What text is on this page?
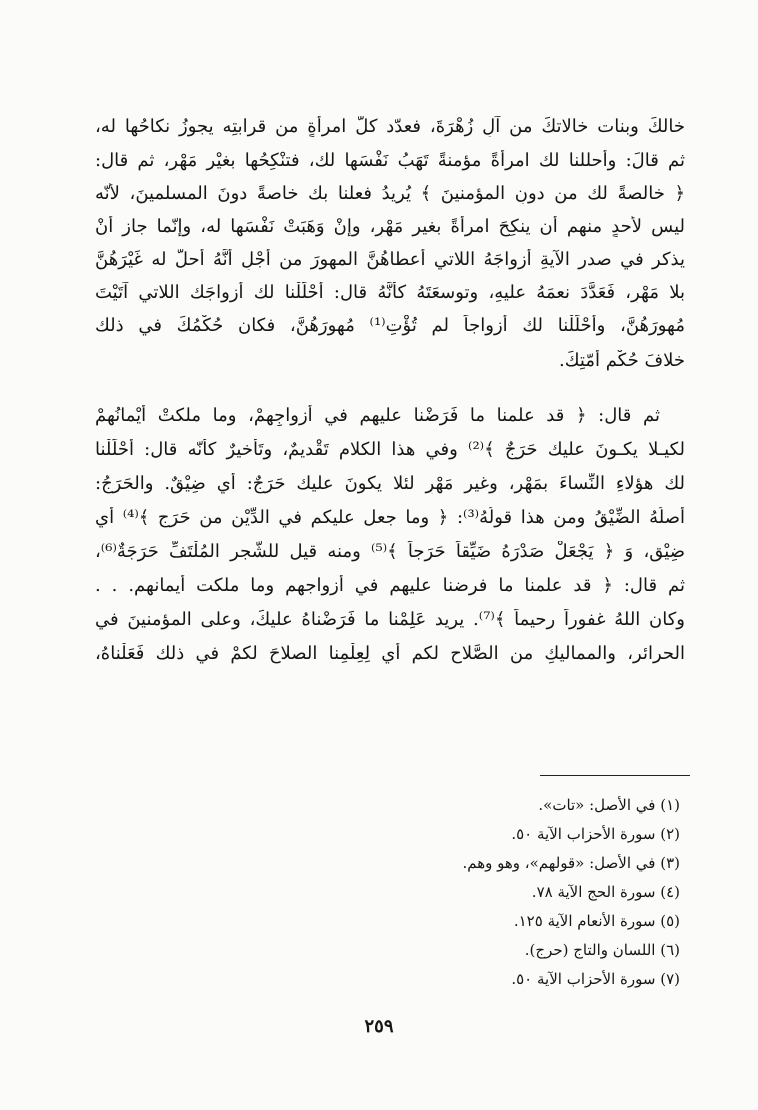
خالكَ وبنات خالاتكَ من آلِ زُهْرَةَ، فعدّد كلَّ امرأةٍ من قرابتِه يجوزُ نكاحُها له،
ثم قالَ: وأحللنا لك امرأةً مؤمنةً تَهَبُ نَفْسَها لك، فتنْكِحُها بغيْرِ مَهْرٍ، ثم قال:
﴿ خالصةً لك من دونِ المؤمنينَ ﴾ يُريدُ فعلنا بك خاصةً دونَ المسلمينَ، لأنّه
ليس لأحدٍ منهم أن ينكِحَ امرأةً بغيرِ مَهْرٍ، وإنْ وَهَبَتْ نَفْسَها له، وإنّما جاز أنْ
يذكر في صدرِ الآيةِ أزواجَهُ اللاتي أعطاهُنَّ المهورَ من أجْلِ أَنَّهُ أحلَّ له غَيْرَهُنَّ
بلا مَهْرٍ، فَعَدَّدَ نعمَهُ عليهِ، وتوسعَتَهُ كأنَّهُ قال: أَحْلَلْنا لك أزواجَك اللاتي آتَيْتَ
مُهورَهُنَّ، وأَحْلَلْنا لك أزواجاً لم تُؤْتِ⁽¹⁾ مُهورَهُنَّ، فكان حُكْمُكَ في ذلك
خلافَ حُكْمِ أُمّتِكَ.
ثم قال: ﴿ قد علمنا ما فَرَضْنا عليهم في أزواجِهِمْ، وما ملكتْ أَيْمانُهمْ
لكيـلا يكـونَ عليك حَرَجٌ ﴾⁽²⁾ وفي هذا الكلامِ تَقْديمٌ، وتَأْخيرٌ كأنّه قال: أَحْلَلْنا
لك هؤلاءِ النِّساءَ بمَهْرٍ، وغيرِ مَهْرٍ لئلا يكونَ عليك حَرَجٌ: أي ضِيْقٌ. والحَرَجُ:
أصلُهُ الضِّيْقُ ومن هذا قولُهُ⁽³⁾: ﴿ وما جعل عليكم في الدِّيْنِ من حَرَجٍ ﴾⁽⁴⁾ أي
ضِيْقٍ، وَ ﴿ يَجْعَلْ صَدْرَهُ ضَيِّقاً حَرَجاً ﴾⁽⁵⁾ ومنه قيل للشَّجرِ المُلْتَفِّ حَرَجَةٌ⁽⁶⁾،
ثم قال: ﴿ قد علمنا ما فرضنا عليهم في أزواجهم وما ملكت أيمانهم. . .
وكان اللهُ غفوراً رحيماً ﴾⁽⁷⁾. يريد عَلِمْنا ما فَرَضْناهُ عليكَ، وعلى المؤمنينَ في
الحرائرِ، والمماليكِ من الصَّلاحِ لكم أي لِعِلْمِنا الصلاحَ لكمْ في ذلك فَعَلْناهُ،
(١) في الأصل: «تات».
(٢) سورة الأحزاب الآية ٥٠.
(٣) في الأصل: «قولهم»، وهو وهم.
(٤) سورة الحج الآية ٧٨.
(٥) سورة الأنعام الآية ١٢٥.
(٦) اللسان والتاج (حرج).
(٧) سورة الأحزاب الآية ٥٠.
٢٥٩
